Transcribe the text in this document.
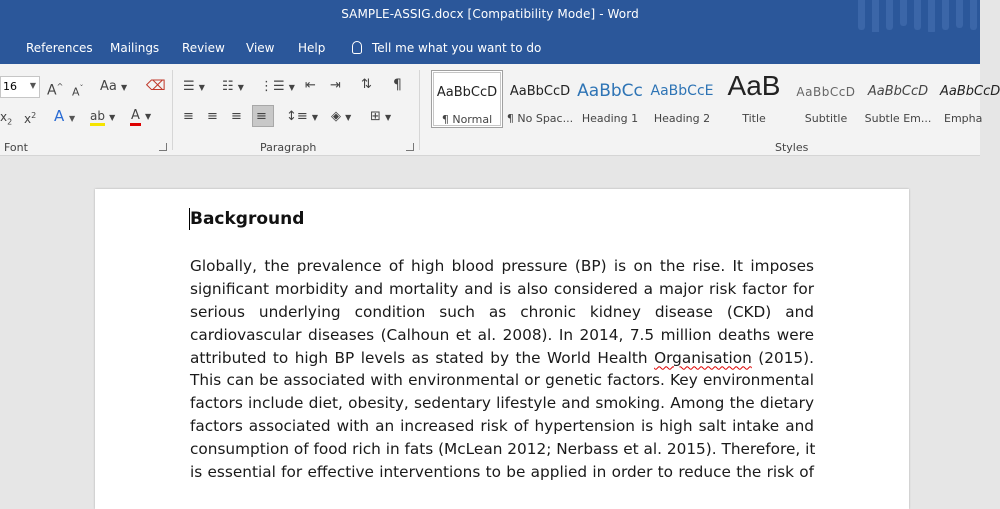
SAMPLE-ASSIG.docx [Compatibility Mode] - Word
References Mailings Review View Help	Tell me what you want to do
16 ▼ A^ $A^ˇ$ Aa ▼ ⌫
$x_2$ $x^2$ A ▼ ab ▼ A ▼
Font
☰ ▼ ☷ ▼ ⋮☰ ▼ ⇤ ⇥ ⇅ ¶
≡ ≡ ≡ ≡ ↕≡ ▼ ◈ ▼ ⊞ ▼
Paragraph
AaBbCcD
¶ Normal
AaBbCcD
¶ No Spac...
AaBbCc
Heading 1
AaBbCcE
Heading 2
AaB
Title
AaBbCcD
Subtitle
AaBbCcD
Subtle Em...
AaBbCcD
Empha
Styles
Background
Globally, the prevalence of high blood pressure (BP) is on the rise. It imposes
significant morbidity and mortality and is also considered a major risk factor for
serious underlying condition such as chronic kidney disease (CKD) and
cardiovascular diseases (Calhoun et al. 2008). In 2014, 7.5 million deaths were
attributed to high BP levels as stated by the World Health Organisation (2015).
This can be associated with environmental or genetic factors. Key environmental
factors include diet, obesity, sedentary lifestyle and smoking. Among the dietary
factors associated with an increased risk of hypertension is high salt intake and
consumption of food rich in fats (McLean 2012; Nerbass et al. 2015). Therefore, it
is essential for effective interventions to be applied in order to reduce the risk of
